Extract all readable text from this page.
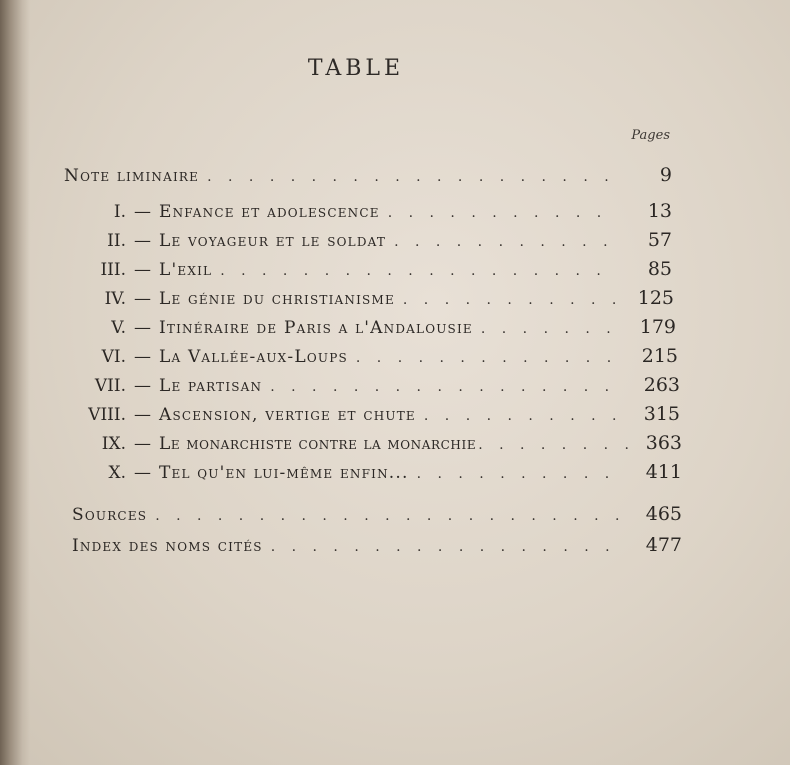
TABLE
Pages
Note liminaire . . .	9
I. — Enfance et adolescence . . .	13
II. — Le voyageur et le soldat . . .	57
III. — L'exil . . .	85
IV. — Le génie du christianisme . . .	125
V. — Itinéraire de Paris a l'Andalousie . . .	179
VI. — La Vallée-aux-Loups . . .	215
VII. — Le partisan . . .	263
VIII. — Ascension, vertige et chute . . .	315
IX. — Le monarchiste contre la monarchie . . .	363
X. — Tel qu'en lui-même enfin... . . .	411
Sources . . .	465
Index des noms cités . . .	477
